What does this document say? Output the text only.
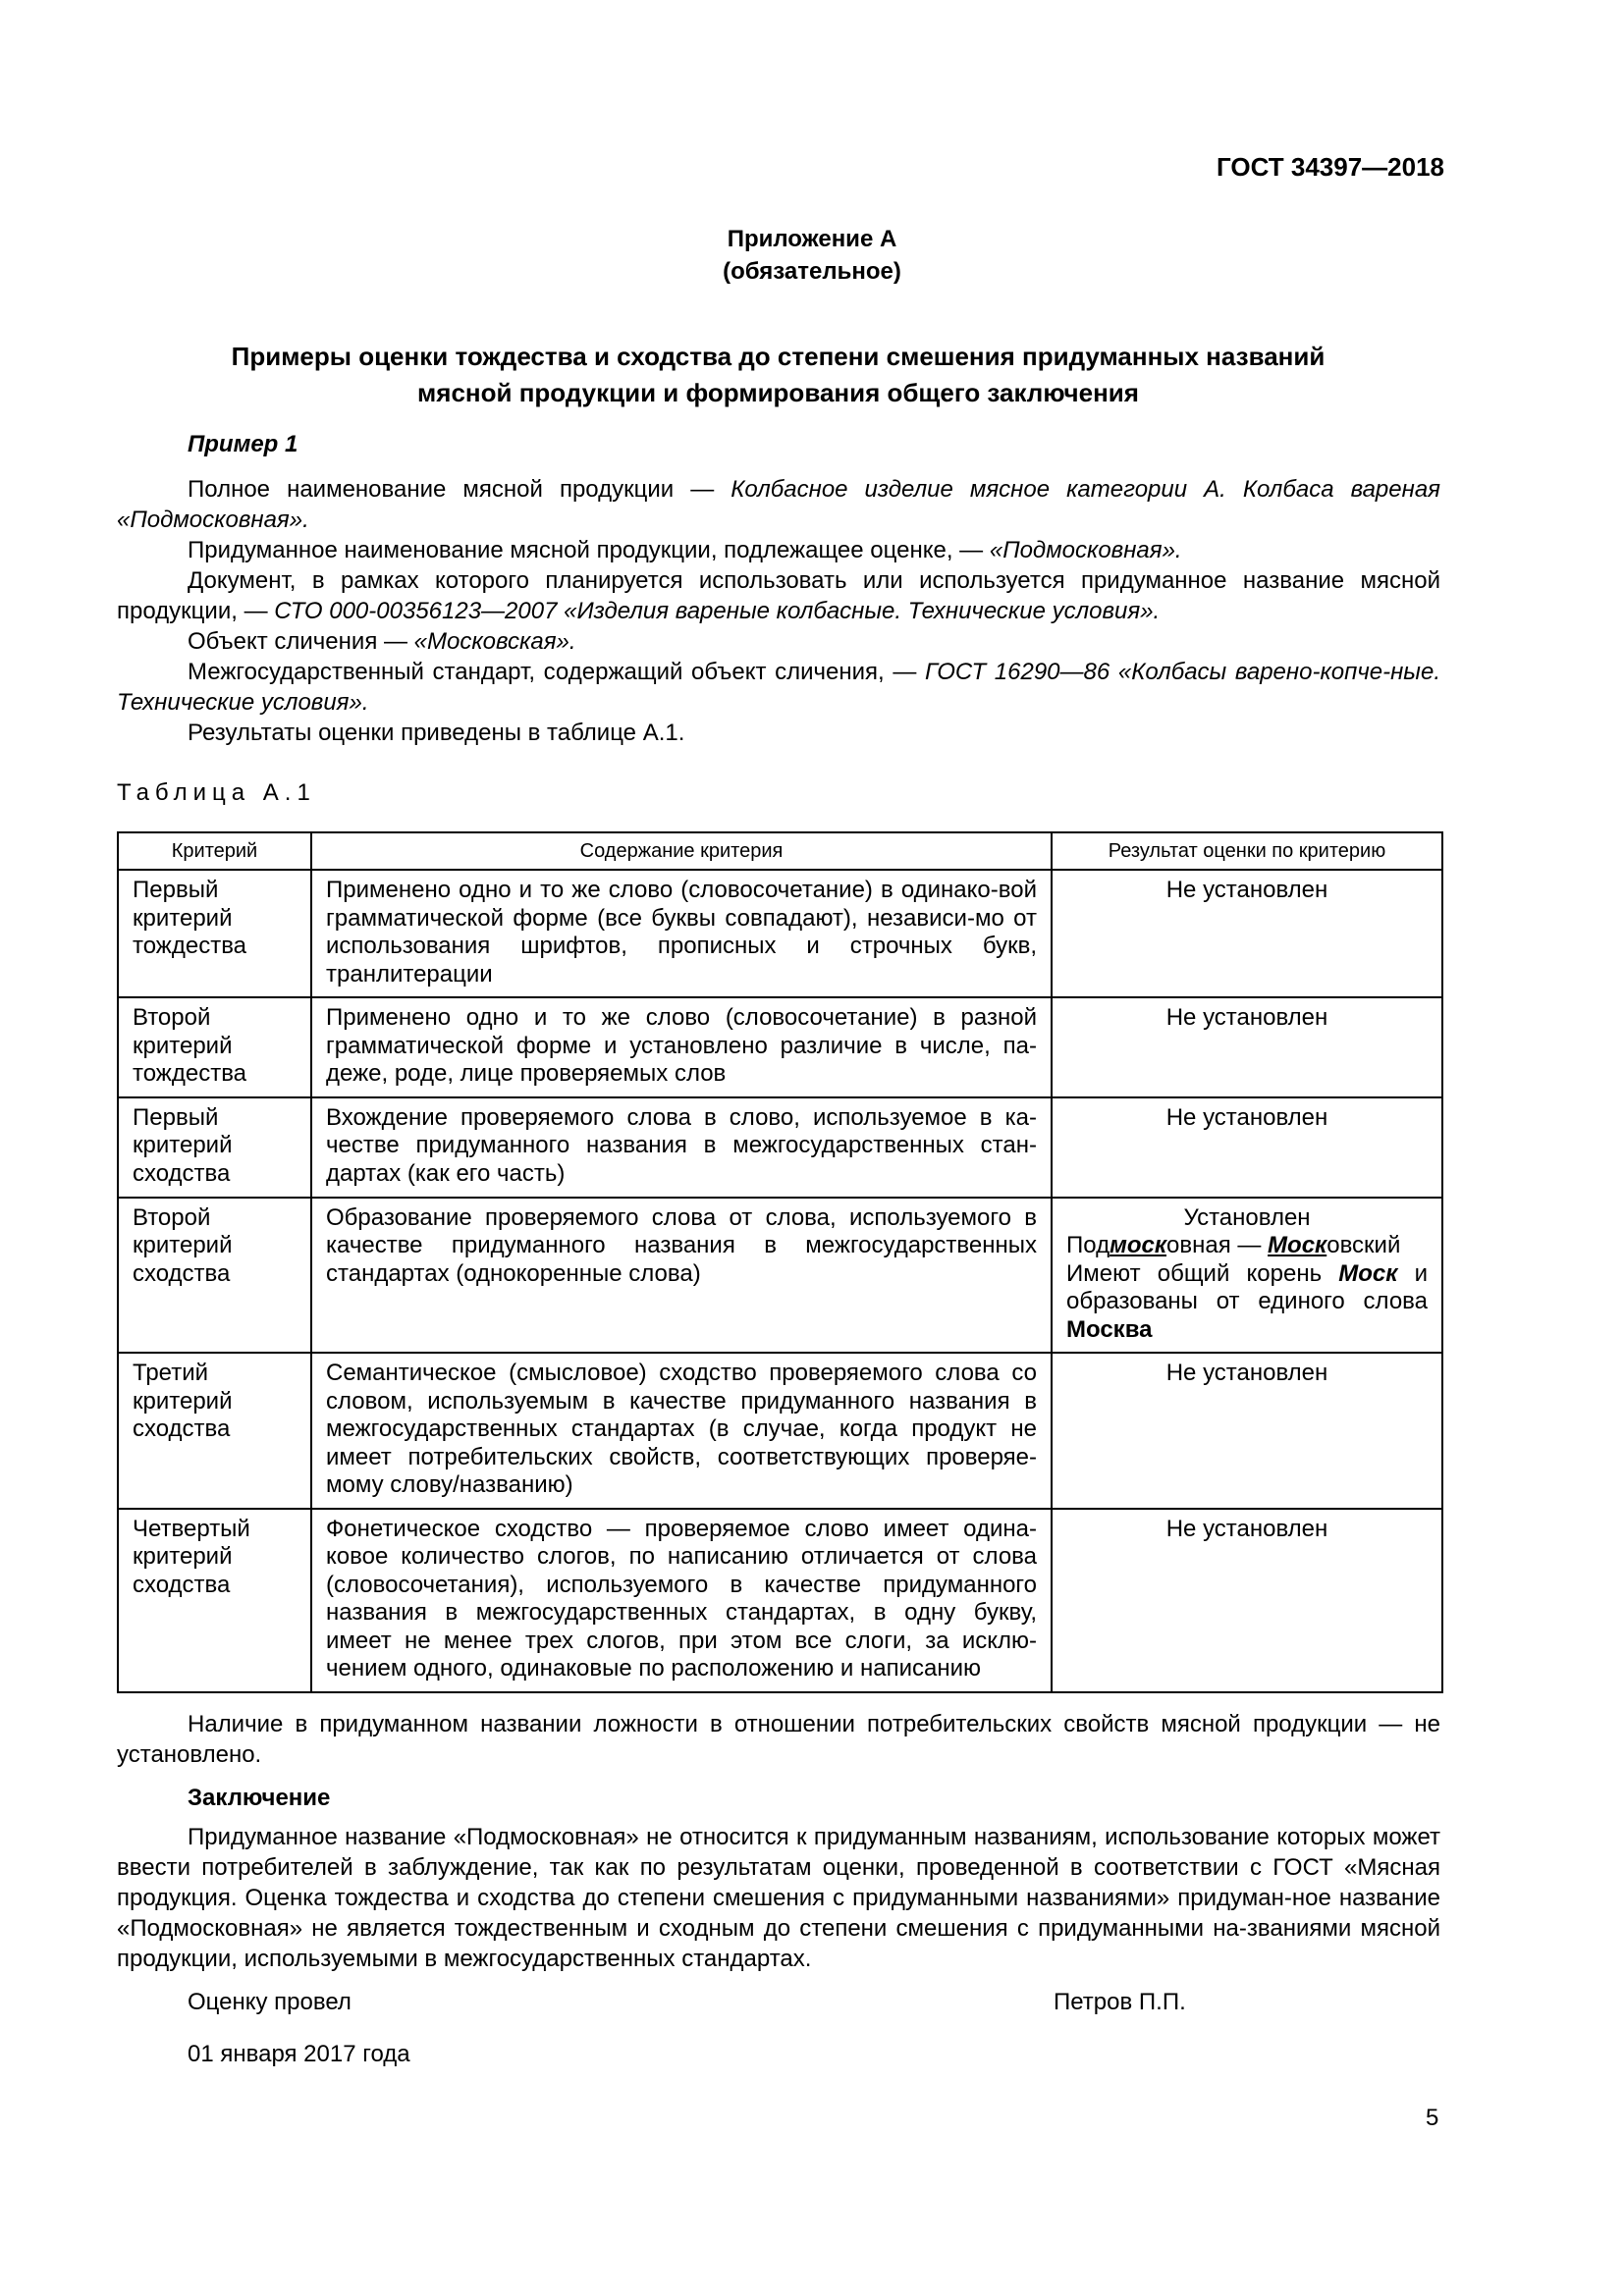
ГОСТ 34397—2018
Приложение А
(обязательное)
Примеры оценки тождества и сходства до степени смешения придуманных названий
мясной продукции и формирования общего заключения
Пример 1

Полное наименование мясной продукции — Колбасное изделие мясное категории А. Колбаса вареная «Подмосковная».

Придуманное наименование мясной продукции, подлежащее оценке, — «Подмосковная».

Документ, в рамках которого планируется использовать или используется придуманное название мясной продукции, — СТО 000-00356123—2007 «Изделия вареные колбасные. Технические условия».

Объект сличения — «Московская».

Межгосударственный стандарт, содержащий объект сличения, — ГОСТ 16290—86 «Колбасы варено-копче-ные. Технические условия».

Результаты оценки приведены в таблице А.1.

Таблица А.1
Критерий	Содержание критерия	Результат оценки по критерию
Первый критерий тождества	Применено одно и то же слово (словосочетание) в одинако-вой грамматической форме (все буквы совпадают), независи-мо от использования шрифтов, прописных и строчных букв, транлитерации	Не установлен
Второй критерий тождества	Применено одно и то же слово (словосочетание) в разной грамматической форме и установлено различие в числе, па-деже, роде, лице проверяемых слов	Не установлен
Первый критерий сходства	Вхождение проверяемого слова в слово, используемое в ка-честве придуманного названия в межгосударственных стан-дартах (как его часть)	Не установлен
Второй критерий сходства	Образование проверяемого слова от слова, используемого в качестве придуманного названия в межгосударственных стандартах (однокоренные слова)	Установлен
Подмосковная — Московский
Имеют общий корень Моск и образованы от единого слова Москва

Третий критерий сходства	Семантическое (смысловое) сходство проверяемого слова со словом, используемым в качестве придуманного названия в межгосударственных стандартах (в случае, когда продукт не имеет потребительских свойств, соответствующих проверяе-мому слову/названию)	Не установлен
Четвертый критерий сходства	Фонетическое сходство — проверяемое слово имеет одина-ковое количество слогов, по написанию отличается от слова (словосочетания), используемого в качестве придуманного названия в межгосударственных стандартах, в одну букву, имеет не менее трех слогов, при этом все слоги, за исклю-чением одного, одинаковые по расположению и написанию	Не установлен

Наличие в придуманном названии ложности в отношении потребительских свойств мясной продукции — не установлено.

Заключение
Придуманное название «Подмосковная» не относится к придуманным названиям, использование которых может ввести потребителей в заблуждение, так как по результатам оценки, проведенной в соответствии с ГОСТ «Мясная продукция. Оценка тождества и сходства до степени смешения с придуманными названиями» придуман-ное название «Подмосковная» не является тождественным и сходным до степени смешения с придуманными на-званиями мясной продукции, используемыми в межгосударственных стандартах.
Оценку провел	Петров П.П.
01 января 2017 года
5
